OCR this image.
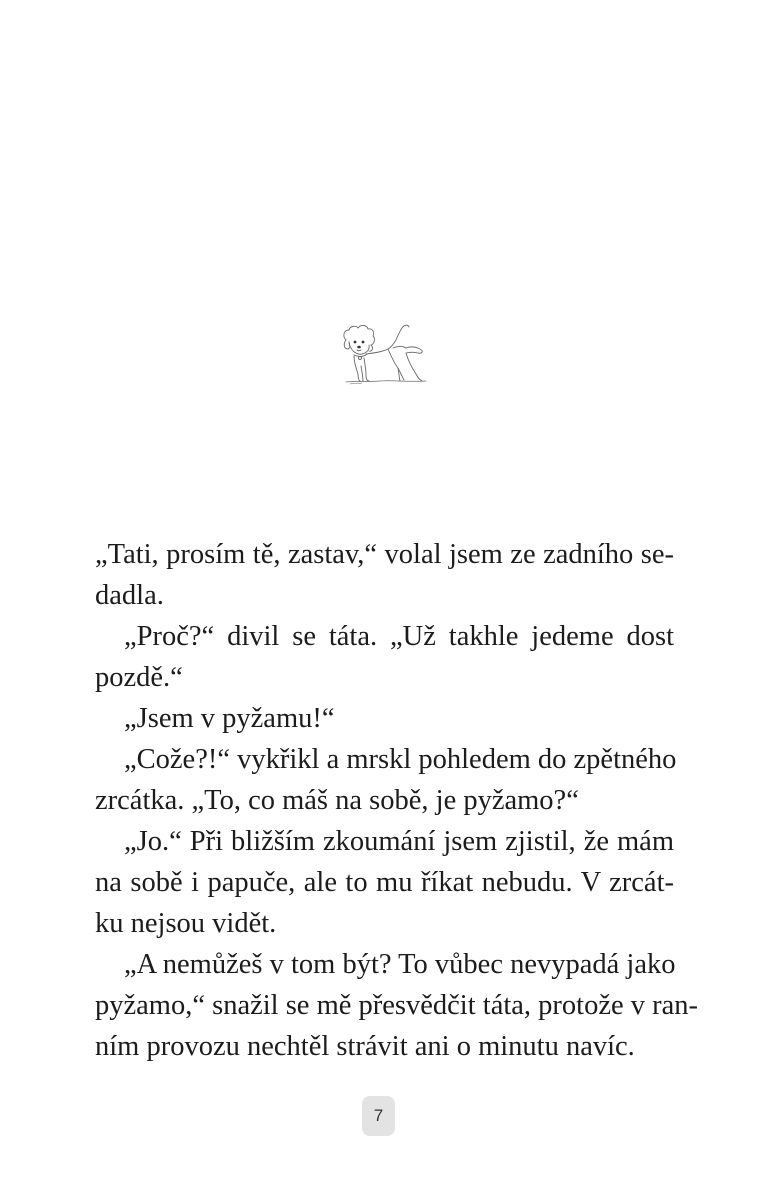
„Tati, prosím tě, zastav,“ volal jsem ze zadního se-
dadla.
„Proč?“ divil se táta. „Už takhle jedeme dost
pozdě.“
„Jsem v pyžamu!“
„Cože?!“ vykřikl a mrskl pohledem do zpětného
zrcátka. „To, co máš na sobě, je pyžamo?“
„Jo.“ Při bližším zkoumání jsem zjistil, že mám
na sobě i papuče, ale to mu říkat nebudu. V zrcát-
ku nejsou vidět.
„A nemůžeš v tom být? To vůbec nevypadá jako
pyžamo,“ snažil se mě přesvědčit táta, protože v ran-
ním provozu nechtěl strávit ani o minutu navíc.
7
